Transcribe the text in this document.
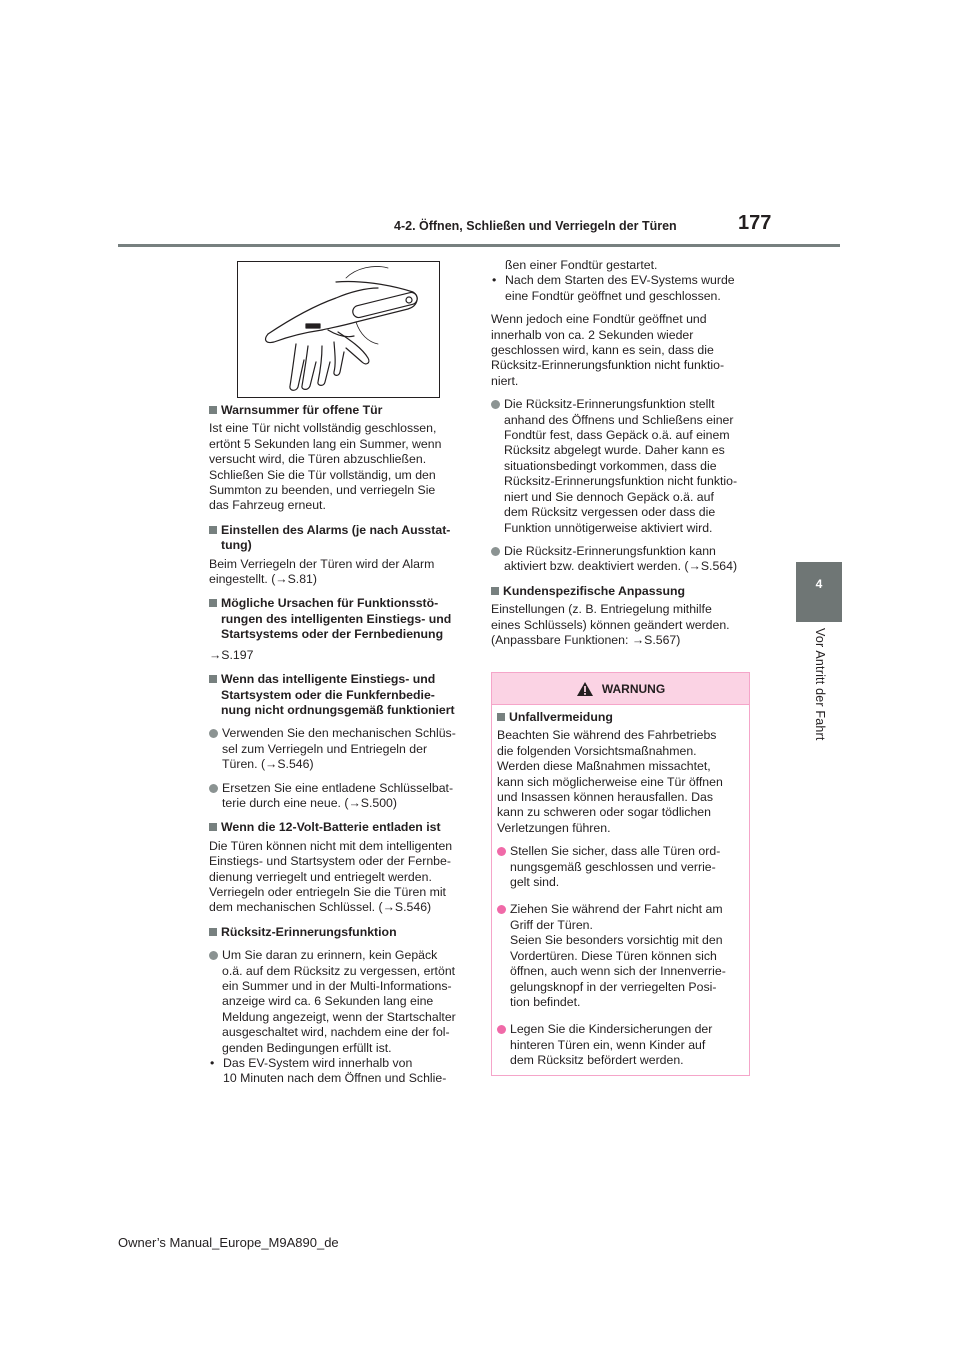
4-2. Öffnen, Schließen und Verriegeln der Türen	177
4
Vor Antritt der Fahrt
Warnsummer für offene Tür

Ist eine Tür nicht vollständig geschlossen,
ertönt 5 Sekunden lang ein Summer, wenn
versucht wird, die Türen abzuschließen.
Schließen Sie die Tür vollständig, um den
Summton zu beenden, und verriegeln Sie
das Fahrzeug erneut.

Einstellen des Alarms (je nach Ausstat-
tung)

Beim Verriegeln der Türen wird der Alarm
eingestellt. (→S.81)

Mögliche Ursachen für Funktionsstö-
rungen des intelligenten Einstiegs- und
Startsystems oder der Fernbedienung

→S.197

Wenn das intelligente Einstiegs- und
Startsystem oder die Funkfernbedie-
nung nicht ordnungsgemäß funktioniert
Verwenden Sie den mechanischen Schlüs-
sel zum Verriegeln und Entriegeln der
Türen. (→S.546)
Ersetzen Sie eine entladene Schlüsselbat-
terie durch eine neue. (→S.500)
Wenn die 12-Volt-Batterie entladen ist

Die Türen können nicht mit dem intelligenten
Einstiegs- und Startsystem oder der Fernbe-
dienung verriegelt und entriegelt werden.
Verriegeln oder entriegeln Sie die Türen mit
dem mechanischen Schlüssel. (→S.546)

Rücksitz-Erinnerungsfunktion
Um Sie daran zu erinnern, kein Gepäck
o.ä. auf dem Rücksitz zu vergessen, ertönt
ein Summer und in der Multi-Informations-
anzeige wird ca. 6 Sekunden lang eine
Meldung angezeigt, wenn der Startschalter
ausgeschaltet wird, nachdem eine der fol-
genden Bedingungen erfüllt ist.
• Das EV-System wird innerhalb von
10 Minuten nach dem Öffnen und Schlie-
ßen einer Fondtür gestartet.
• Nach dem Starten des EV-Systems wurde
eine Fondtür geöffnet und geschlossen.

Wenn jedoch eine Fondtür geöffnet und
innerhalb von ca. 2 Sekunden wieder
geschlossen wird, kann es sein, dass die
Rücksitz-Erinnerungsfunktion nicht funktio-
niert.

Die Rücksitz-Erinnerungsfunktion stellt
anhand des Öffnens und Schließens einer
Fondtür fest, dass Gepäck o.ä. auf einem
Rücksitz abgelegt wurde. Daher kann es
situationsbedingt vorkommen, dass die
Rücksitz-Erinnerungsfunktion nicht funktio-
niert und Sie dennoch Gepäck o.ä. auf
dem Rücksitz vergessen oder dass die
Funktion unnötigerweise aktiviert wird.
Die Rücksitz-Erinnerungsfunktion kann
aktiviert bzw. deaktiviert werden. (→S.564)
Kundenspezifische Anpassung

Einstellungen (z. B. Entriegelung mithilfe
eines Schlüssels) können geändert werden.
(Anpassbare Funktionen: →S.567)

WARNUNG
Unfallvermeidung

Beachten Sie während des Fahrbetriebs
die folgenden Vorsichtsmaßnahmen.
Werden diese Maßnahmen missachtet,
kann sich möglicherweise eine Tür öffnen
und Insassen können herausfallen. Das
kann zu schweren oder sogar tödlichen
Verletzungen führen.

Stellen Sie sicher, dass alle Türen ord-
nungsgemäß geschlossen und verrie-
gelt sind.
Ziehen Sie während der Fahrt nicht am
Griff der Türen.
Seien Sie besonders vorsichtig mit den
Vordertüren. Diese Türen können sich
öffnen, auch wenn sich der Innenverrie-
gelungsknopf in der verriegelten Posi-
tion befindet.
Legen Sie die Kindersicherungen der
hinteren Türen ein, wenn Kinder auf
dem Rücksitz befördert werden.
Owner’s Manual_Europe_M9A890_de
